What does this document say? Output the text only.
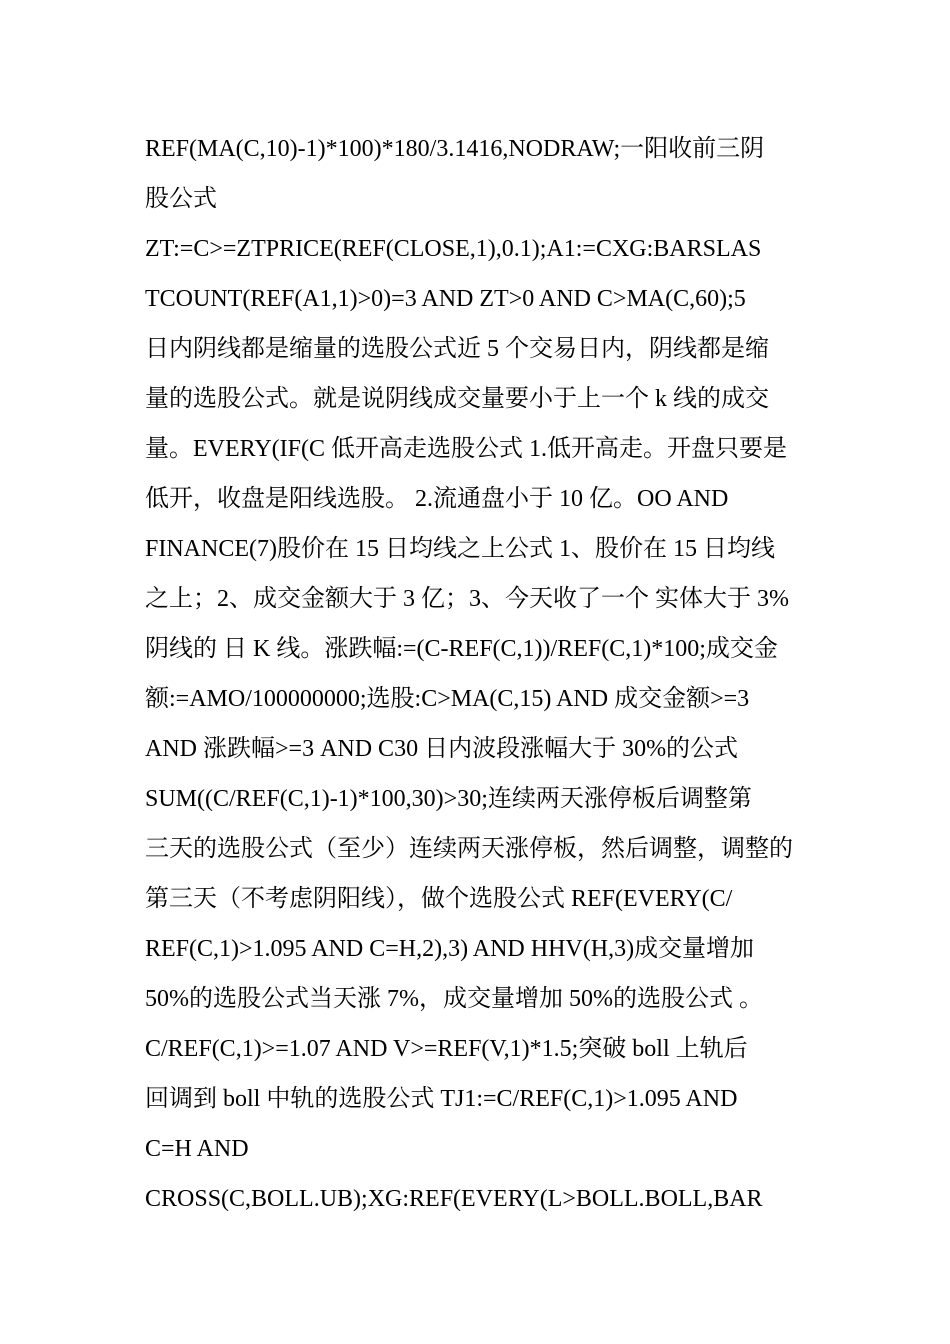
REF(MA(C,10)-1)*100)*180/3.1416,NODRAW;一阳收前三阴
股公式
ZT:=C>=ZTPRICE(REF(CLOSE,1),0.1);A1:=CXG:BARSLAS
TCOUNT(REF(A1,1)>0)=3 AND ZT>0 AND C>MA(C,60);5
日内阴线都是缩量的选股公式近 5 个交易日内，阴线都是缩
量的选股公式。就是说阴线成交量要小于上一个 k 线的成交
量。EVERY(IF(C 低开高走选股公式 1.低开高走。开盘只要是
低开，收盘是阳线选股。 2.流通盘小于 10 亿。OO AND
FINANCE(7)股价在 15 日均线之上公式 1、股价在 15 日均线
之上；2、成交金额大于 3 亿；3、今天收了一个 实体大于 3%
阴线的 日 K 线。涨跌幅:=(C-REF(C,1))/REF(C,1)*100;成交金
额:=AMO/100000000;选股:C>MA(C,15) AND 成交金额>=3
AND 涨跌幅>=3 AND C30 日内波段涨幅大于 30%的公式
SUM((C/REF(C,1)-1)*100,30)>30;连续两天涨停板后调整第
三天的选股公式（至少）连续两天涨停板，然后调整，调整的
第三天（不考虑阴阳线），做个选股公式 REF(EVERY(C/
REF(C,1)>1.095 AND C=H,2),3) AND HHV(H,3)成交量增加
50%的选股公式当天涨 7%，成交量增加 50%的选股公式 。
C/REF(C,1)>=1.07 AND V>=REF(V,1)*1.5;突破 boll 上轨后
回调到 boll 中轨的选股公式 TJ1:=C/REF(C,1)>1.095 AND
C=H AND
CROSS(C,BOLL.UB);XG:REF(EVERY(L>BOLL.BOLL,BAR
